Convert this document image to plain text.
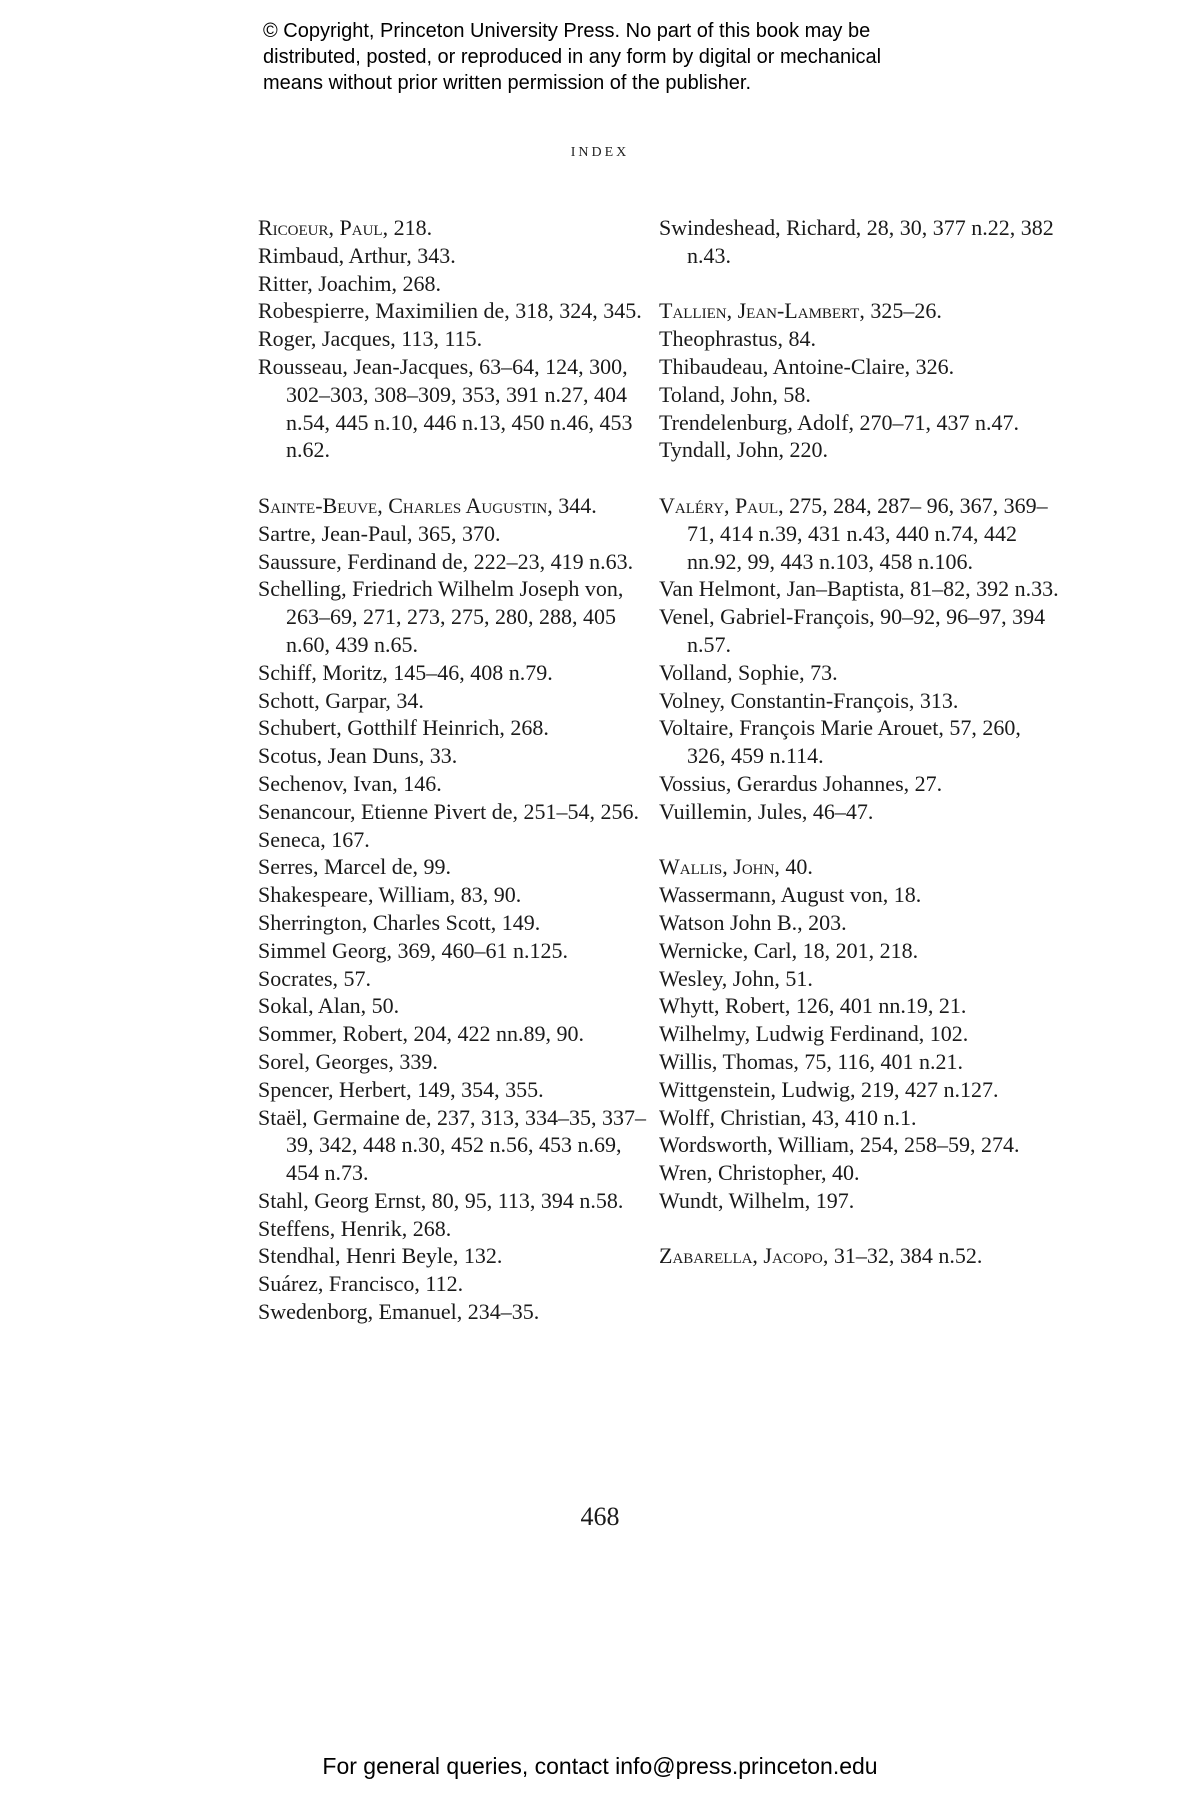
© Copyright, Princeton University Press. No part of this book may be
distributed, posted, or reproduced in any form by digital or mechanical
means without prior written permission of the publisher.
INDEX

Ricoeur, Paul, 218.

Rimbaud, Arthur, 343.

Ritter, Joachim, 268.

Robespierre, Maximilien de, 318, 324, 345.

Roger, Jacques, 113, 115.

Rousseau, Jean-Jacques, 63–64, 124, 300, 302–303, 308–309, 353, 391 n.27, 404 n.54, 445 n.10, 446 n.13, 450 n.46, 453 n.62.

Sainte-Beuve, Charles Augustin, 344.

Sartre, Jean-Paul, 365, 370.

Saussure, Ferdinand de, 222–23, 419 n.63.

Schelling, Friedrich Wilhelm Joseph von, 263–69, 271, 273, 275, 280, 288, 405 n.60, 439 n.65.

Schiff, Moritz, 145–46, 408 n.79.

Schott, Garpar, 34.

Schubert, Gotthilf Heinrich, 268.

Scotus, Jean Duns, 33.

Sechenov, Ivan, 146.

Senancour, Etienne Pivert de, 251–54, 256.

Seneca, 167.

Serres, Marcel de, 99.

Shakespeare, William, 83, 90.

Sherrington, Charles Scott, 149.

Simmel Georg, 369, 460–61 n.125.

Socrates, 57.

Sokal, Alan, 50.

Sommer, Robert, 204, 422 nn.89, 90.

Sorel, Georges, 339.

Spencer, Herbert, 149, 354, 355.

Staël, Germaine de, 237, 313, 334–35, 337–39, 342, 448 n.30, 452 n.56, 453 n.69, 454 n.73.

Stahl, Georg Ernst, 80, 95, 113, 394 n.58.

Steffens, Henrik, 268.

Stendhal, Henri Beyle, 132.

Suárez, Francisco, 112.

Swedenborg, Emanuel, 234–35.

Swindeshead, Richard, 28, 30, 377 n.22, 382 n.43.

Tallien, Jean-Lambert, 325–26.

Theophrastus, 84.

Thibaudeau, Antoine-Claire, 326.

Toland, John, 58.

Trendelenburg, Adolf, 270–71, 437 n.47.

Tyndall, John, 220.

Valéry, Paul, 275, 284, 287– 96, 367, 369–71, 414 n.39, 431 n.43, 440 n.74, 442 nn.92, 99, 443 n.103, 458 n.106.

Van Helmont, Jan–Baptista, 81–82, 392 n.33.

Venel, Gabriel-François, 90–92, 96–97, 394 n.57.

Volland, Sophie, 73.

Volney, Constantin-François, 313.

Voltaire, François Marie Arouet, 57, 260, 326, 459 n.114.

Vossius, Gerardus Johannes, 27.

Vuillemin, Jules, 46–47.

Wallis, John, 40.

Wassermann, August von, 18.

Watson John B., 203.

Wernicke, Carl, 18, 201, 218.

Wesley, John, 51.

Whytt, Robert, 126, 401 nn.19, 21.

Wilhelmy, Ludwig Ferdinand, 102.

Willis, Thomas, 75, 116, 401 n.21.

Wittgenstein, Ludwig, 219, 427 n.127.

Wolff, Christian, 43, 410 n.1.

Wordsworth, William, 254, 258–59, 274.

Wren, Christopher, 40.

Wundt, Wilhelm, 197.

Zabarella, Jacopo, 31–32, 384 n.52.

468
For general queries, contact info@press.princeton.edu
